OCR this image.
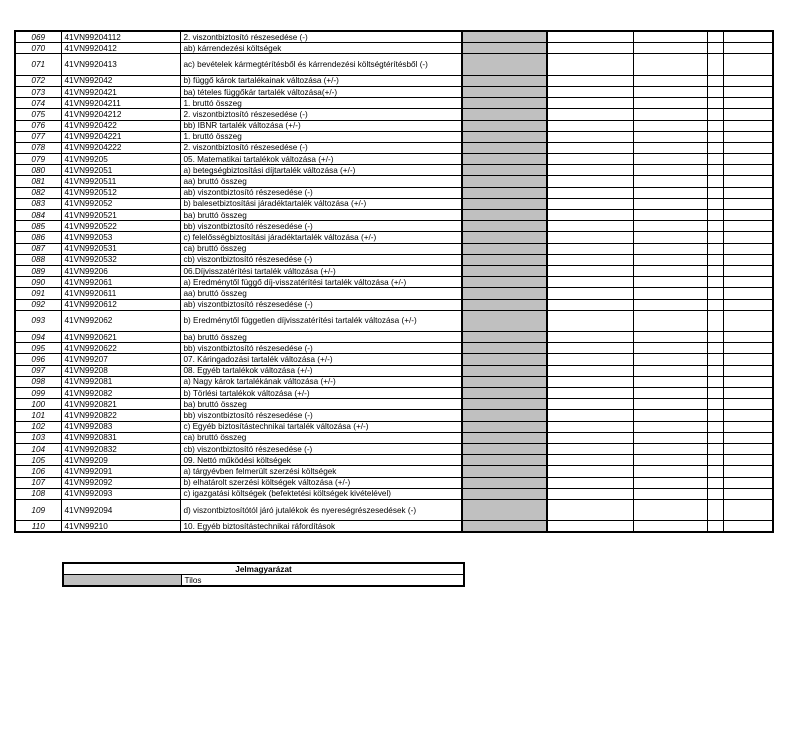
069	41VN99204112	2. viszontbiztosító részesedése (-)					
070	41VN9920412	ab) kárrendezési költségek					
071	41VN9920413	ac) bevételek kármegtérítésből és kárrendezési költségtérítésből (-)					
072	41VN992042	b) függő károk tartalékainak változása (+/-)					
073	41VN9920421	ba) tételes függőkár tartalék változása(+/-)					
074	41VN99204211	1. bruttó összeg					
075	41VN99204212	2. viszontbiztosító részesedése (-)					
076	41VN9920422	bb) IBNR tartalék változása (+/-)					
077	41VN99204221	1. bruttó összeg					
078	41VN99204222	2. viszontbiztosító részesedése (-)					
079	41VN99205	05. Matematikai tartalékok változása (+/-)					
080	41VN992051	a) betegségbiztosítási díjtartalék változása (+/-)					
081	41VN9920511	aa) bruttó összeg					
082	41VN9920512	ab) viszontbiztosító részesedése (-)					
083	41VN992052	b) balesetbiztosítási járadéktartalék változása (+/-)					
084	41VN9920521	ba) bruttó összeg					
085	41VN9920522	bb) viszontbiztosító részesedése (-)					
086	41VN992053	c) felelősségbiztosítási járadéktartalék változása (+/-)					
087	41VN9920531	ca) bruttó összeg					
088	41VN9920532	cb) viszontbiztosító részesedése (-)					
089	41VN99206	06.Díjvisszatérítési tartalék változása (+/-)					
090	41VN992061	a) Eredménytől függő díj-visszatérítési tartalék változása (+/-)					
091	41VN9920611	aa) bruttó összeg					
092	41VN9920612	ab) viszontbiztosító részesedése (-)					
093	41VN992062	b) Eredménytől független díjvisszatérítési tartalék változása (+/-)					
094	41VN9920621	ba) bruttó összeg					
095	41VN9920622	bb) viszontbiztosító részesedése (-)					
096	41VN99207	07. Káringadozási tartalék változása (+/-)					
097	41VN99208	08. Egyéb tartalékok változása (+/-)					
098	41VN992081	a) Nagy károk tartalékának változása (+/-)					
099	41VN992082	b) Törlési tartalékok változása (+/-)					
100	41VN9920821	ba) bruttó összeg					
101	41VN9920822	bb) viszontbiztosító részesedése (-)					
102	41VN992083	c) Egyéb biztosítástechnikai tartalék változása (+/-)					
103	41VN9920831	ca) bruttó összeg					
104	41VN9920832	cb) viszontbiztosító részesedése (-)					
105	41VN99209	09. Nettó működési költségek					
106	41VN992091	a) tárgyévben felmerült szerzési költségek					
107	41VN992092	b) elhatárolt szerzési költségek változása (+/-)					
108	41VN992093	c) igazgatási költségek (befektetési költségek kivételével)					
109	41VN992094	d) viszontbiztosítótól járó jutalékok és nyereségrészesedések (-)					
110	41VN99210	10. Egyéb biztosítástechnikai ráfordítások					
Jelmagyarázat
	Tilos
